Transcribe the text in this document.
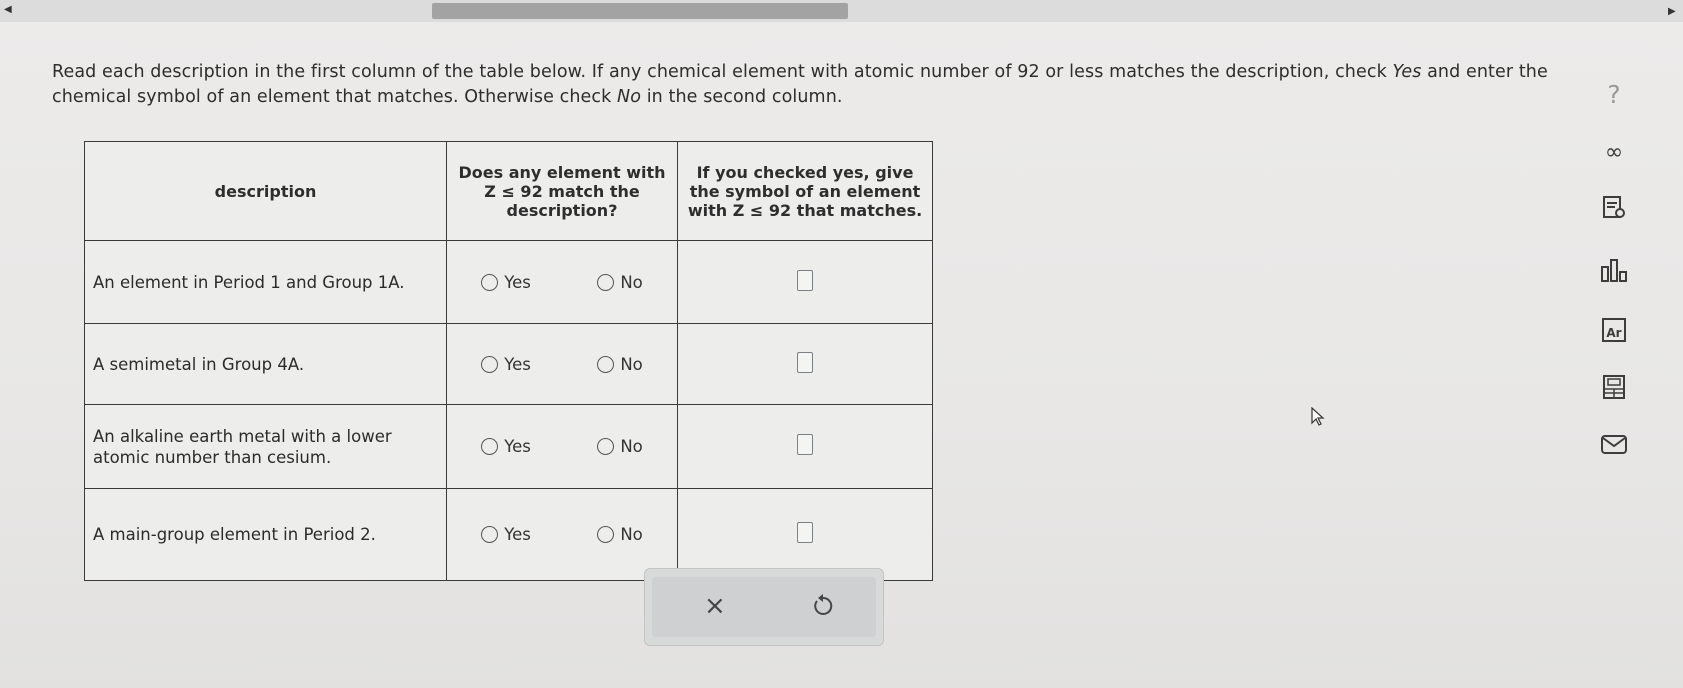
◀	▶
Read each description in the first column of the table below. If any chemical element with atomic number of 92 or less matches the description, check Yes and enter the chemical symbol of an element that matches. Otherwise check No in the second column.
description	Does any element with Z ≤ 92 match the description?	If you checked yes, give the symbol of an element with Z ≤ 92 that matches.
An element in Period 1 and Group 1A.	Yes No	

A semimetal in Group 4A.	Yes No	

An alkaline earth metal with a lower atomic number than cesium.	Yes No	

A main-group element in Period 2.	Yes No	

×
?
∞
Ar
